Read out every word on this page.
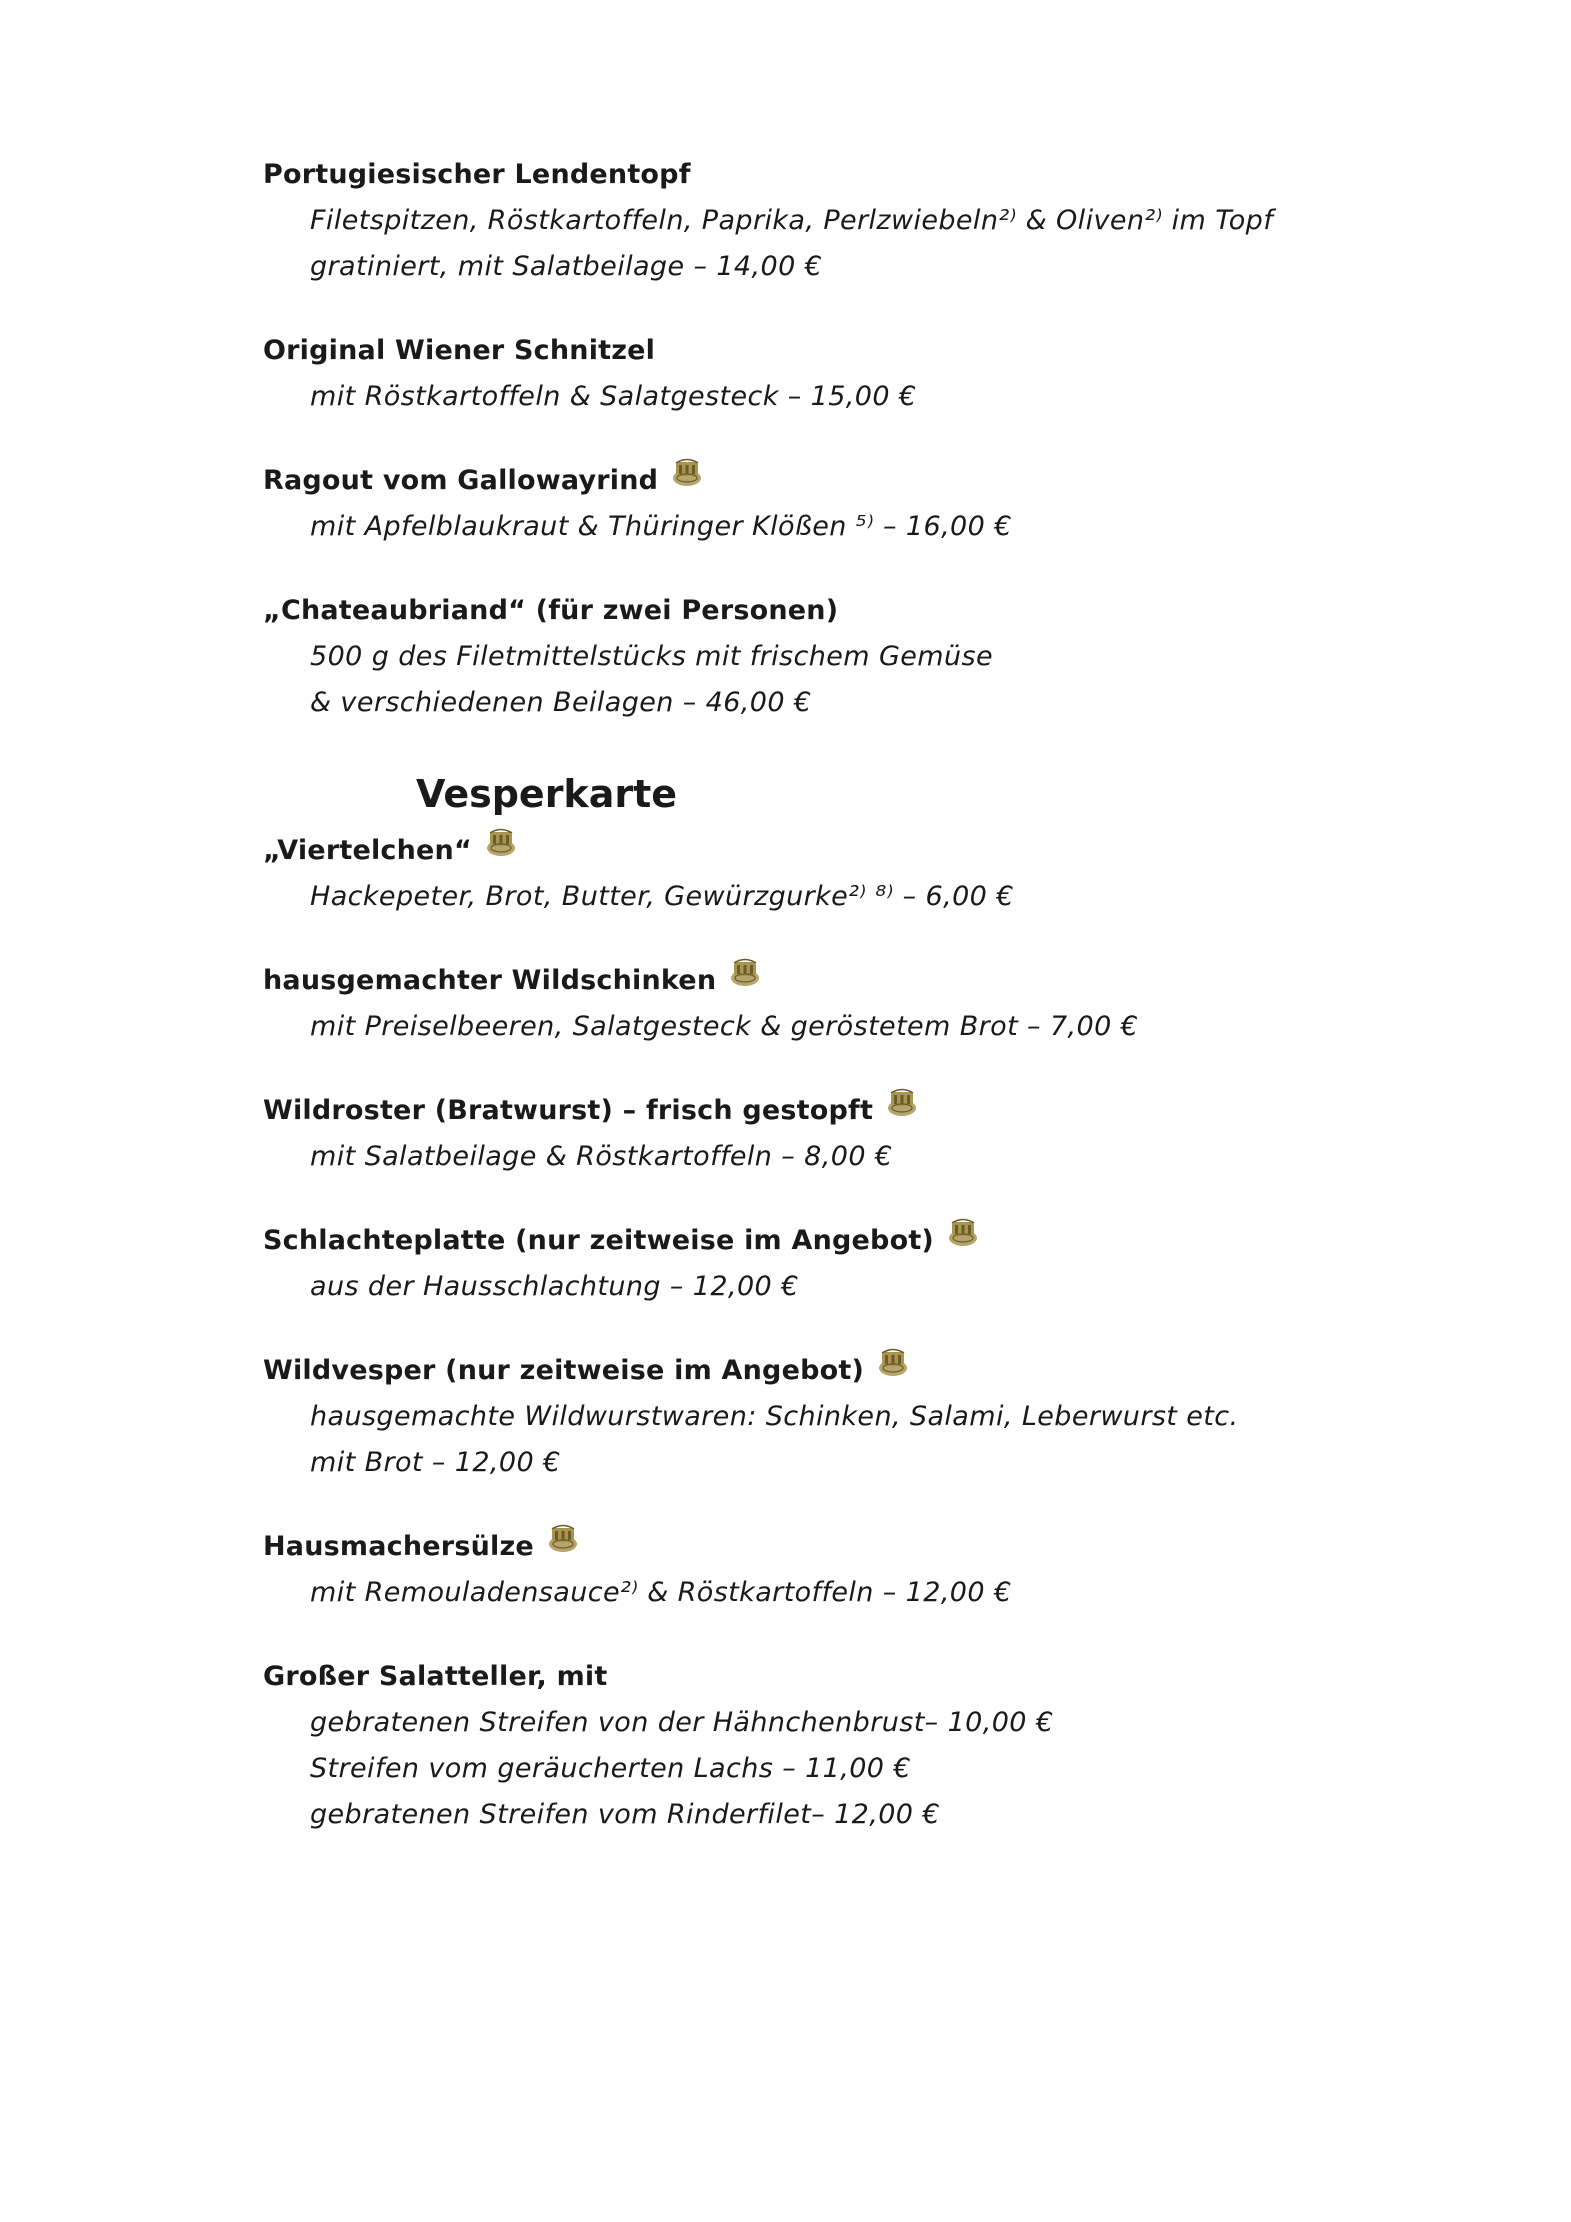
Portugiesischer Lendentopf
Filetspitzen, Röstkartoffeln, Paprika, Perlzwiebeln²⁾ & Oliven²⁾ im Topf
gratiniert, mit Salatbeilage – 14,00 €
Original Wiener Schnitzel
mit Röstkartoffeln & Salatgesteck – 15,00 €
Ragout vom Gallowayrind
mit Apfelblaukraut & Thüringer Klößen ⁵⁾ – 16,00 €
„Chateaubriand“ (für zwei Personen)
500 g des Filetmittelstücks mit frischem Gemüse
& verschiedenen Beilagen – 46,00 €
Vesperkarte
„Viertelchen“
Hackepeter, Brot, Butter, Gewürzgurke²⁾ ⁸⁾ – 6,00 €
hausgemachter Wildschinken
mit Preiselbeeren, Salatgesteck & geröstetem Brot – 7,00 €
Wildroster (Bratwurst) – frisch gestopft
mit Salatbeilage & Röstkartoffeln – 8,00 €
Schlachteplatte (nur zeitweise im Angebot)
aus der Hausschlachtung – 12,00 €
Wildvesper (nur zeitweise im Angebot)
hausgemachte Wildwurstwaren: Schinken, Salami, Leberwurst etc.
mit Brot – 12,00 €
Hausmachersülze
mit Remouladensauce²⁾ & Röstkartoffeln – 12,00 €
Großer Salatteller, mit
gebratenen Streifen von der Hähnchenbrust– 10,00 €
Streifen vom geräucherten Lachs – 11,00 €
gebratenen Streifen vom Rinderfilet– 12,00 €
